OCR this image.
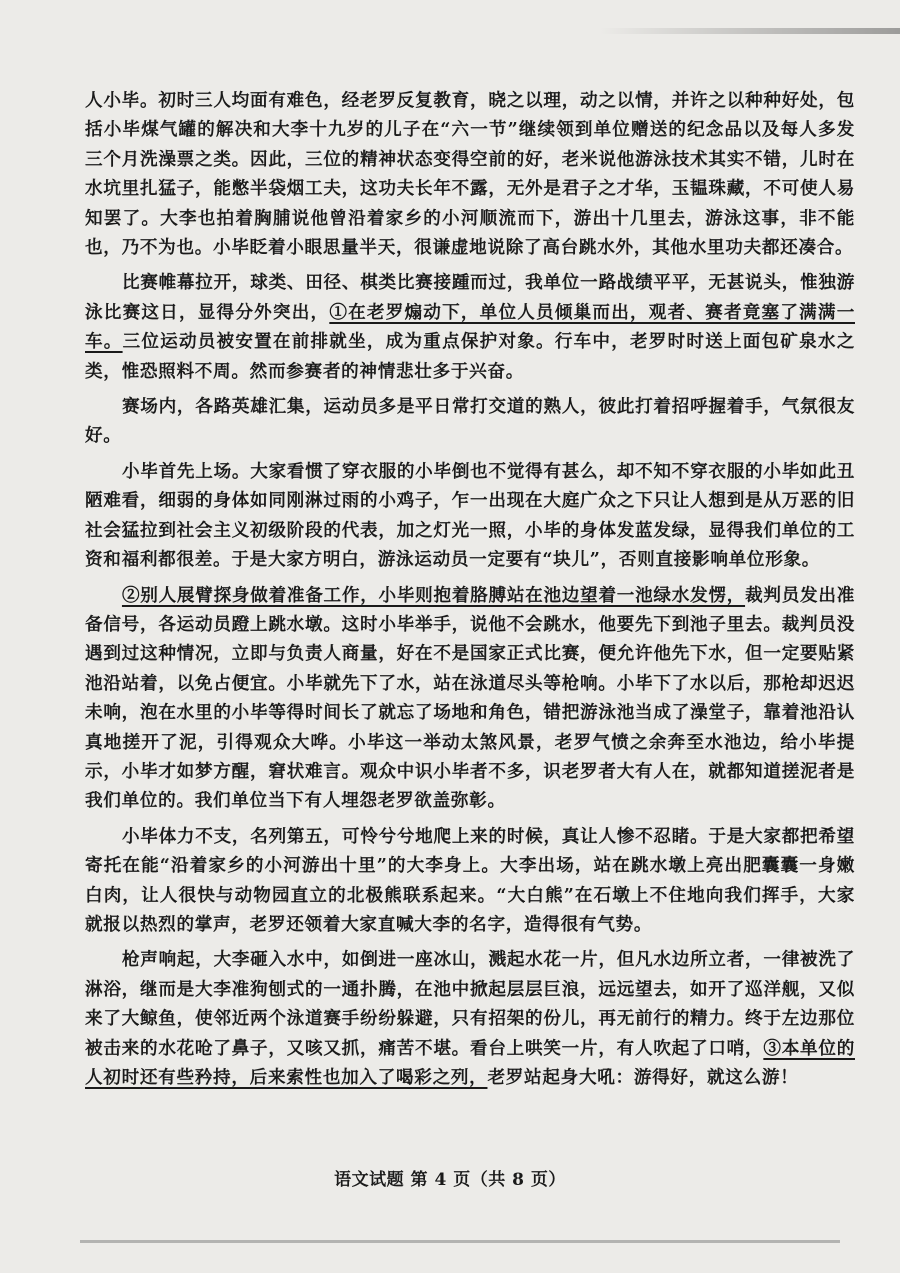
人小毕。初时三人均面有难色，经老罗反复教育，晓之以理，动之以情，并许之以种种好处，包括小毕煤气罐的解决和大李十九岁的儿子在“六一节”继续领到单位赠送的纪念品以及每人多发三个月洗澡票之类。因此，三位的精神状态变得空前的好，老米说他游泳技术其实不错，儿时在水坑里扎猛子，能憋半袋烟工夫，这功夫长年不露，无外是君子之才华，玉韫珠藏，不可使人易知罢了。大李也拍着胸脯说他曾沿着家乡的小河顺流而下，游出十几里去，游泳这事，非不能也，乃不为也。小毕眨着小眼思量半天，很谦虚地说除了高台跳水外，其他水里功夫都还凑合。

比赛帷幕拉开，球类、田径、棋类比赛接踵而过，我单位一路战绩平平，无甚说头，惟独游泳比赛这日，显得分外突出，①在老罗煽动下，单位人员倾巢而出，观者、赛者竟塞了满满一车。三位运动员被安置在前排就坐，成为重点保护对象。行车中，老罗时时送上面包矿泉水之类，惟恐照料不周。然而参赛者的神情悲壮多于兴奋。

赛场内，各路英雄汇集，运动员多是平日常打交道的熟人，彼此打着招呼握着手，气氛很友好。

小毕首先上场。大家看惯了穿衣服的小毕倒也不觉得有甚么，却不知不穿衣服的小毕如此丑陋难看，细弱的身体如同刚淋过雨的小鸡子，乍一出现在大庭广众之下只让人想到是从万恶的旧社会猛拉到社会主义初级阶段的代表，加之灯光一照，小毕的身体发蓝发绿，显得我们单位的工资和福利都很差。于是大家方明白，游泳运动员一定要有“块儿”，否则直接影响单位形象。

②别人展臂探身做着准备工作，小毕则抱着胳膊站在池边望着一池绿水发愣，裁判员发出准备信号，各运动员蹬上跳水墩。这时小毕举手，说他不会跳水，他要先下到池子里去。裁判员没遇到过这种情况，立即与负责人商量，好在不是国家正式比赛，便允许他先下水，但一定要贴紧池沿站着，以免占便宜。小毕就先下了水，站在泳道尽头等枪响。小毕下了水以后，那枪却迟迟未响，泡在水里的小毕等得时间长了就忘了场地和角色，错把游泳池当成了澡堂子，靠着池沿认真地搓开了泥，引得观众大哗。小毕这一举动太煞风景，老罗气愤之余奔至水池边，给小毕提示，小毕才如梦方醒，窘状难言。观众中识小毕者不多，识老罗者大有人在，就都知道搓泥者是我们单位的。我们单位当下有人埋怨老罗欲盖弥彰。

小毕体力不支，名列第五，可怜兮兮地爬上来的时候，真让人惨不忍睹。于是大家都把希望寄托在能“沿着家乡的小河游出十里”的大李身上。大李出场，站在跳水墩上亮出肥囊囊一身嫩白肉，让人很快与动物园直立的北极熊联系起来。“大白熊”在石墩上不住地向我们挥手，大家就报以热烈的掌声，老罗还领着大家直喊大李的名字，造得很有气势。

枪声响起，大李砸入水中，如倒进一座冰山，溅起水花一片，但凡水边所立者，一律被洗了淋浴，继而是大李准狗刨式的一通扑腾，在池中掀起层层巨浪，远远望去，如开了巡洋舰，又似来了大鲸鱼，使邻近两个泳道赛手纷纷躲避，只有招架的份儿，再无前行的精力。终于左边那位被击来的水花呛了鼻子，又咳又抓，痛苦不堪。看台上哄笑一片，有人吹起了口哨，③本单位的人初时还有些矜持，后来索性也加入了喝彩之列，老罗站起身大吼：游得好，就这么游！

语文试题 第 4 页（共 8 页）
